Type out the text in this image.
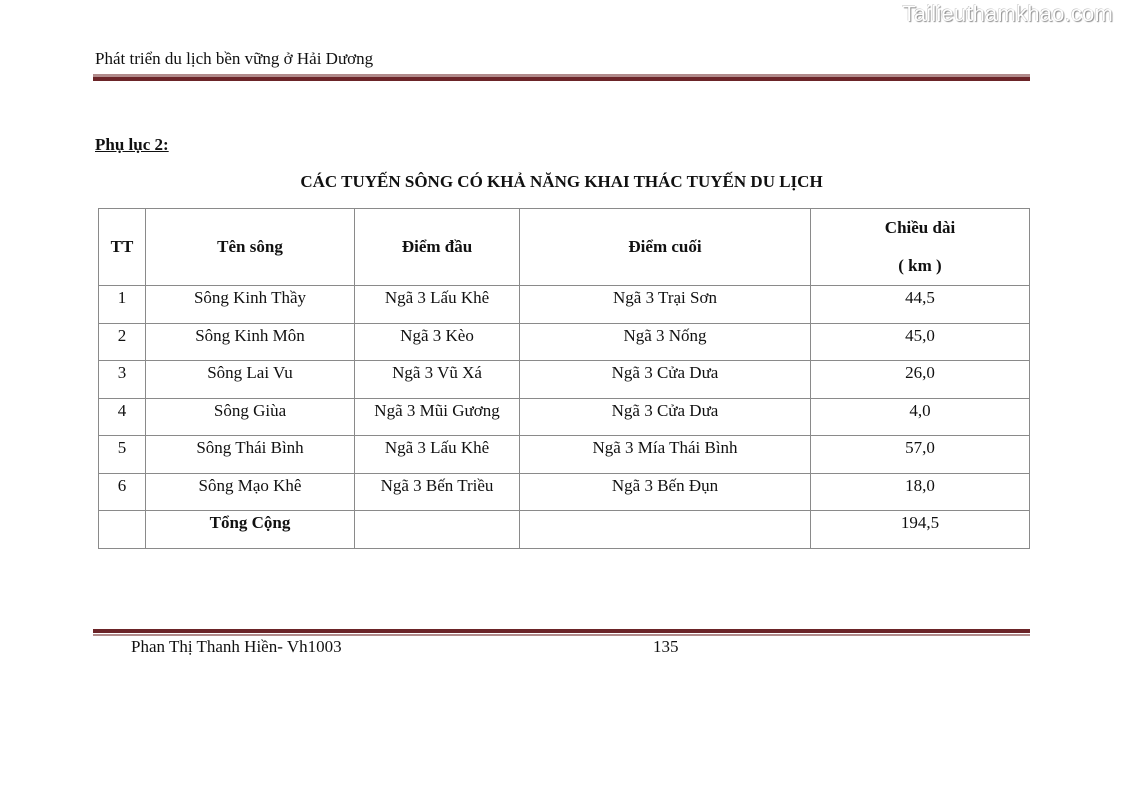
Tailieuthamkhao.com
Phát triển du lịch bền vững ở Hải Dương
Phụ lục 2:
CÁC TUYẾN SÔNG CÓ KHẢ NĂNG KHAI THÁC TUYẾN DU LỊCH
TT	Tên sông	Điểm đầu	Điểm cuối	Chiều dài
( km )

1	Sông Kinh Thầy	Ngã 3 Lấu Khê	Ngã 3 Trại Sơn	44,5
2	Sông Kinh Môn	Ngã 3 Kèo	Ngã 3 Nống	45,0
3	Sông Lai Vu	Ngã 3 Vũ Xá	Ngã 3 Cửa Dưa	26,0
4	Sông Giùa	Ngã 3 Mũi Gương	Ngã 3 Cửa Dưa	4,0
5	Sông Thái Bình	Ngã 3 Lấu Khê	Ngã 3 Mía Thái Bình	57,0
6	Sông Mạo Khê	Ngã 3 Bến Triều	Ngã 3 Bến Đụn	18,0
	Tổng Cộng			194,5
Phan Thị Thanh Hiền- Vh1003	135
